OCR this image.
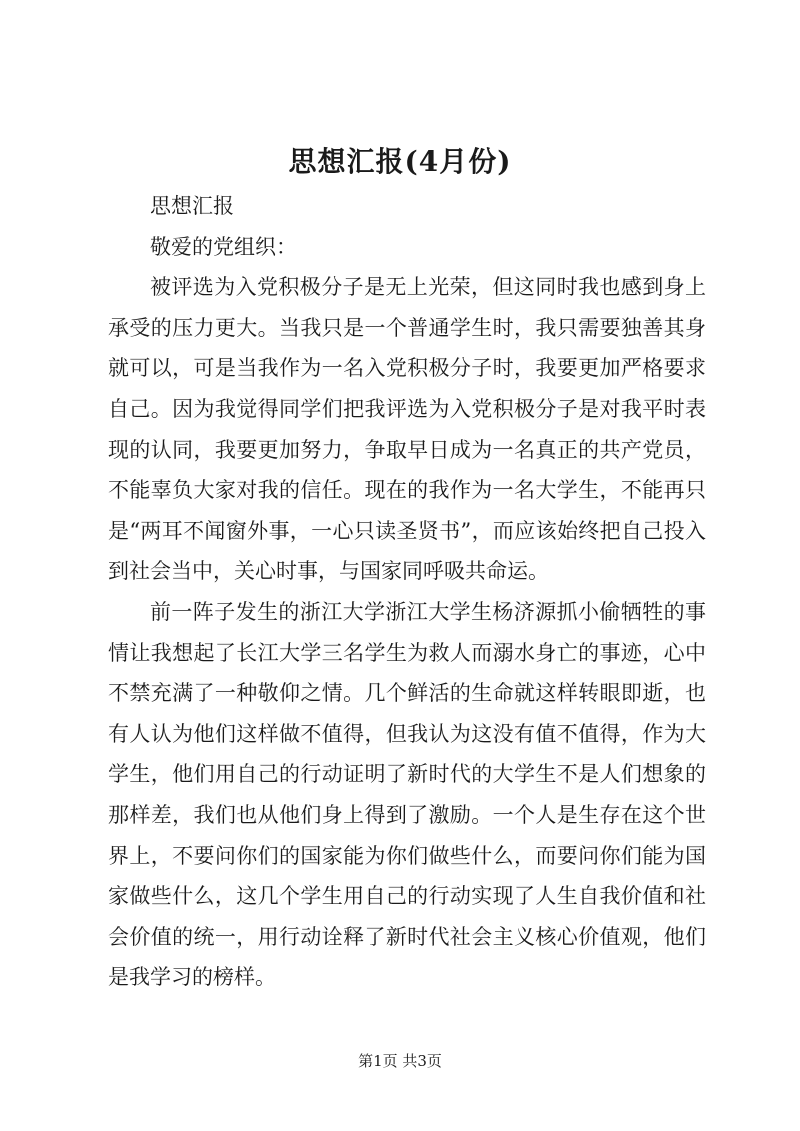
思想汇报(4月份)

思想汇报

敬爱的党组织：

被评选为入党积极分子是无上光荣，但这同时我也感到身上承受的压力更大。当我只是一个普通学生时，我只需要独善其身就可以，可是当我作为一名入党积极分子时，我要更加严格要求自己。因为我觉得同学们把我评选为入党积极分子是对我平时表现的认同，我要更加努力，争取早日成为一名真正的共产党员，不能辜负大家对我的信任。现在的我作为一名大学生，不能再只是“两耳不闻窗外事，一心只读圣贤书”，而应该始终把自己投入到社会当中，关心时事，与国家同呼吸共命运。

前一阵子发生的浙江大学浙江大学生杨济源抓小偷牺牲的事情让我想起了长江大学三名学生为救人而溺水身亡的事迹，心中不禁充满了一种敬仰之情。几个鲜活的生命就这样转眼即逝，也有人认为他们这样做不值得，但我认为这没有值不值得，作为大学生，他们用自己的行动证明了新时代的大学生不是人们想象的那样差，我们也从他们身上得到了激励。一个人是生存在这个世界上，不要问你们的国家能为你们做些什么，而要问你们能为国家做些什么，这几个学生用自己的行动实现了人生自我价值和社会价值的统一，用行动诠释了新时代社会主义核心价值观，他们是我学习的榜样。

第1页 共3页
